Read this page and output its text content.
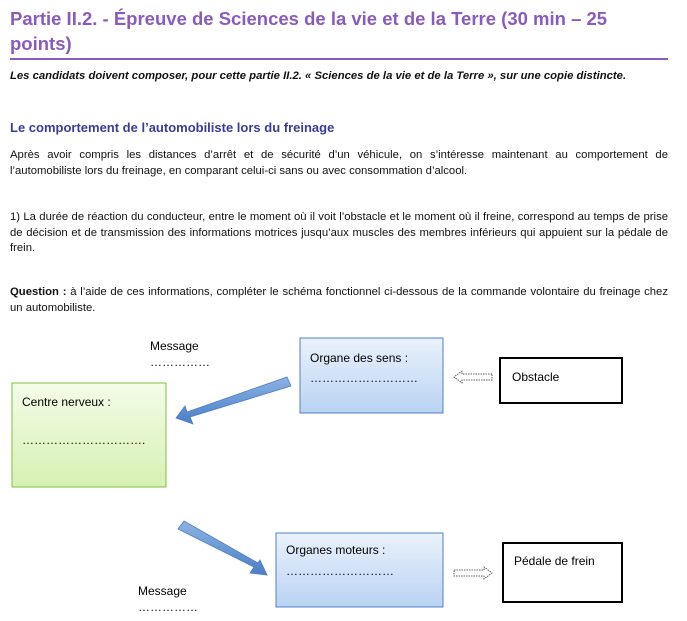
Partie II.2. - Épreuve de Sciences de la vie et de la Terre (30 min – 25 points)
Les candidats doivent composer, pour cette partie II.2. « Sciences de la vie et de la Terre », sur une copie distincte.
Le comportement de l’automobiliste lors du freinage
Après avoir compris les distances d’arrêt et de sécurité d’un véhicule, on s’intéresse maintenant au comportement de l’automobiliste lors du freinage, en comparant celui-ci sans ou avec consommation d’alcool.
1) La durée de réaction du conducteur, entre le moment où il voit l’obstacle et le moment où il freine, correspond au temps de prise de décision et de transmission des informations motrices jusqu’aux muscles des membres inférieurs qui appuient sur la pédale de frein.
Question : à l’aide de ces informations, compléter le schéma fonctionnel ci-dessous de la commande volontaire du freinage chez un automobiliste.
Message
……………	Organe des sens :
………………………	Obstacle
Centre nerveux :
………………………….
Organes moteurs :
………………………
Pédale de frein
Message
……………
